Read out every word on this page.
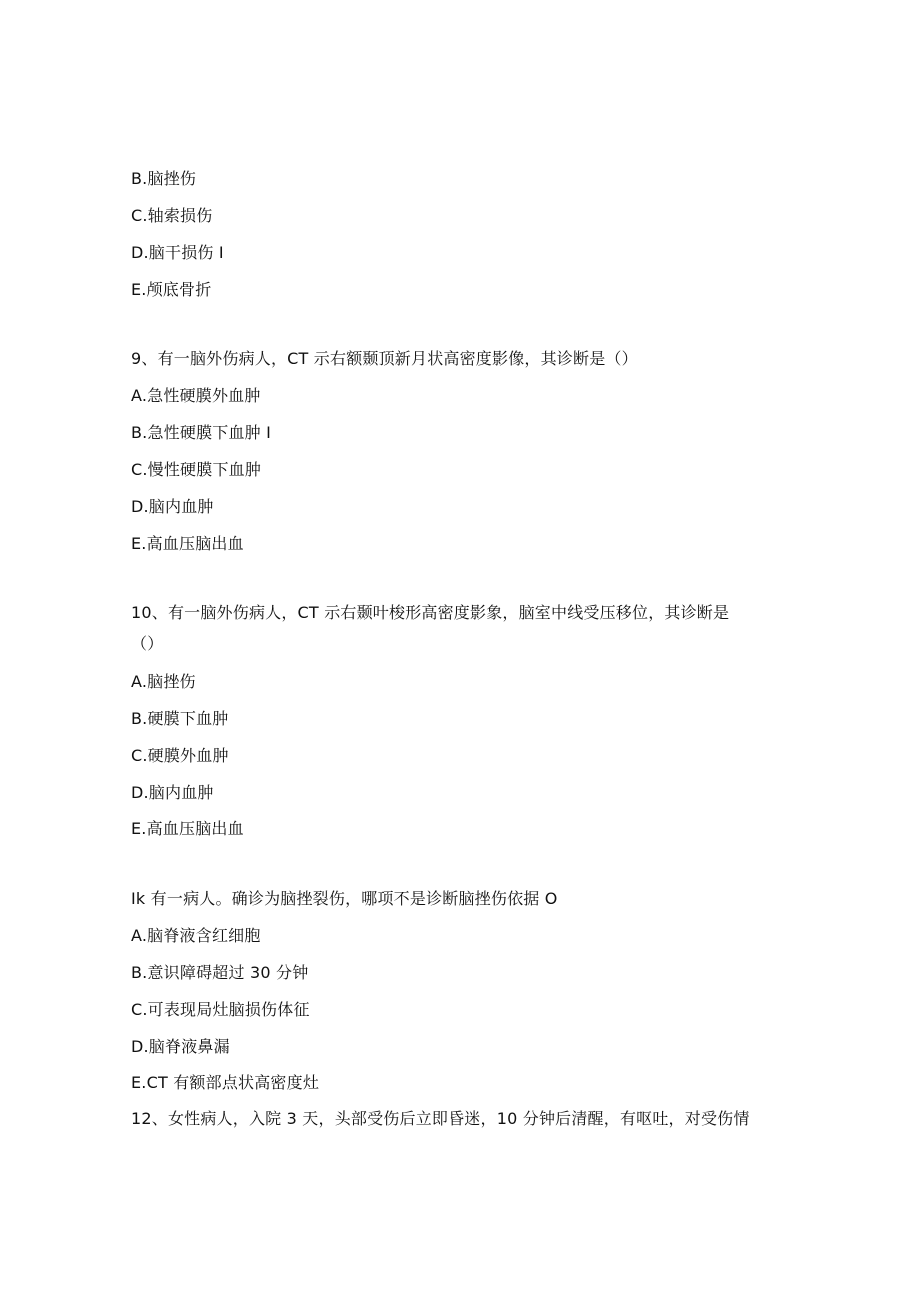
B.脑挫伤
C.轴索损伤
D.脑干损伤 I
E.颅底骨折
9、有一脑外伤病人，CT 示右额颞顶新月状高密度影像，其诊断是（）
A.急性硬膜外血肿
B.急性硬膜下血肿 I
C.慢性硬膜下血肿
D.脑内血肿
E.高血压脑出血
10、有一脑外伤病人，CT 示右颞叶梭形高密度影象，脑室中线受压移位，其诊断是
（）
A.脑挫伤
B.硬膜下血肿
C.硬膜外血肿
D.脑内血肿
E.高血压脑出血
Ik 有一病人。确诊为脑挫裂伤，哪项不是诊断脑挫伤依据 O
A.脑脊液含红细胞
B.意识障碍超过 30 分钟
C.可表现局灶脑损伤体征
D.脑脊液鼻漏
E.CT 有额部点状高密度灶
12、女性病人，入院 3 天，头部受伤后立即昏迷，10 分钟后清醒，有呕吐，对受伤情
